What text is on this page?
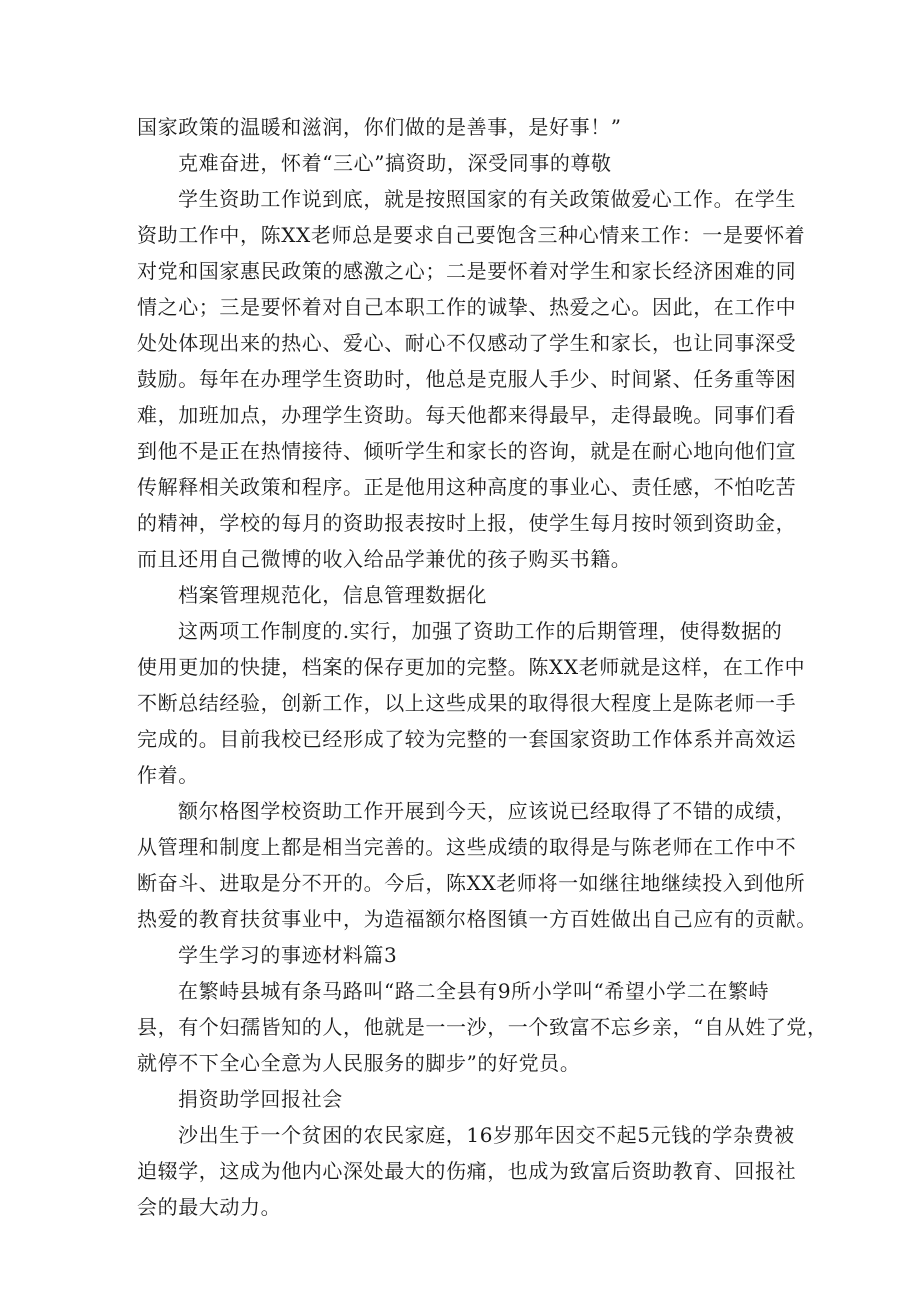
国家政策的温暖和滋润，你们做的是善事，是好事！”
克难奋进，怀着“三心”搞资助，深受同事的尊敬
学生资助工作说到底，就是按照国家的有关政策做爱心工作。在学生
资助工作中，陈XX老师总是要求自己要饱含三种心情来工作：一是要怀着
对党和国家惠民政策的感激之心；二是要怀着对学生和家长经济困难的同
情之心；三是要怀着对自己本职工作的诚挚、热爱之心。因此，在工作中
处处体现出来的热心、爱心、耐心不仅感动了学生和家长，也让同事深受
鼓励。每年在办理学生资助时，他总是克服人手少、时间紧、任务重等困
难，加班加点，办理学生资助。每天他都来得最早，走得最晚。同事们看
到他不是正在热情接待、倾听学生和家长的咨询，就是在耐心地向他们宣
传解释相关政策和程序。正是他用这种高度的事业心、责任感，不怕吃苦
的精神，学校的每月的资助报表按时上报，使学生每月按时领到资助金，
而且还用自己微博的收入给品学兼优的孩子购买书籍。
档案管理规范化，信息管理数据化
这两项工作制度的.实行，加强了资助工作的后期管理，使得数据的
使用更加的快捷，档案的保存更加的完整。陈XX老师就是这样，在工作中
不断总结经验，创新工作，以上这些成果的取得很大程度上是陈老师一手
完成的。目前我校已经形成了较为完整的一套国家资助工作体系并高效运
作着。
额尔格图学校资助工作开展到今天，应该说已经取得了不错的成绩，
从管理和制度上都是相当完善的。这些成绩的取得是与陈老师在工作中不
断奋斗、进取是分不开的。今后，陈XX老师将一如继往地继续投入到他所
热爱的教育扶贫事业中，为造福额尔格图镇一方百姓做出自己应有的贡献。
学生学习的事迹材料篇3
在繁峙县城有条马路叫“路二全县有9所小学叫“希望小学二在繁峙
县，有个妇孺皆知的人，他就是一一沙，一个致富不忘乡亲，“自从姓了党，
就停不下全心全意为人民服务的脚步”的好党员。
捐资助学回报社会
沙出生于一个贫困的农民家庭，16岁那年因交不起5元钱的学杂费被
迫辍学，这成为他内心深处最大的伤痛，也成为致富后资助教育、回报社
会的最大动力。
